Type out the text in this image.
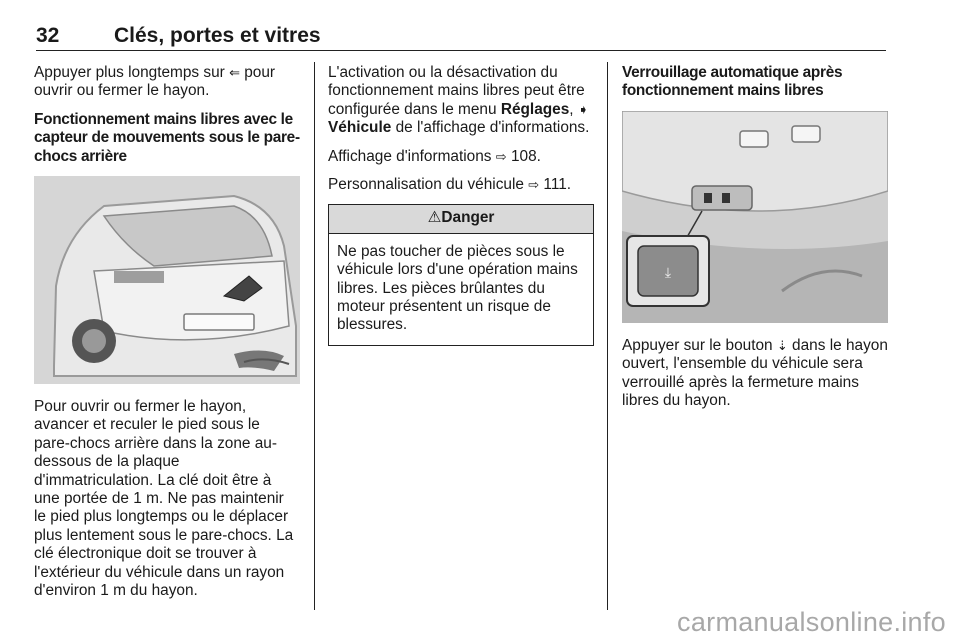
32	Clés, portes et vitres

Appuyer plus longtemps sur ⇐ pour ouvrir ou fermer le hayon.

Fonctionnement mains libres avec le capteur de mouvements sous le pare-chocs arrière

Pour ouvrir ou fermer le hayon, avancer et reculer le pied sous le pare-chocs arrière dans la zone au-dessous de la plaque d'immatriculation. La clé doit être à une portée de 1 m. Ne pas maintenir le pied plus longtemps ou le déplacer plus lentement sous le pare-chocs. La clé électronique doit se trouver à l'extérieur du véhicule dans un rayon d'environ 1 m du hayon.

L'activation ou la désactivation du fonctionnement mains libres peut être configurée dans le menu Réglages, ➧ Véhicule de l'affichage d'informations.

Affichage d'informations ⇨ 108.

Personnalisation du véhicule ⇨ 111.

⚠Danger
Ne pas toucher de pièces sous le véhicule lors d'une opération mains libres. Les pièces brûlantes du moteur présentent un risque de blessures.

Verrouillage automatique après fonctionnement mains libres

⤓

Appuyer sur le bouton ⇣ dans le hayon ouvert, l'ensemble du véhicule sera verrouillé après la fermeture mains libres du hayon.

carmanualsonline.info
